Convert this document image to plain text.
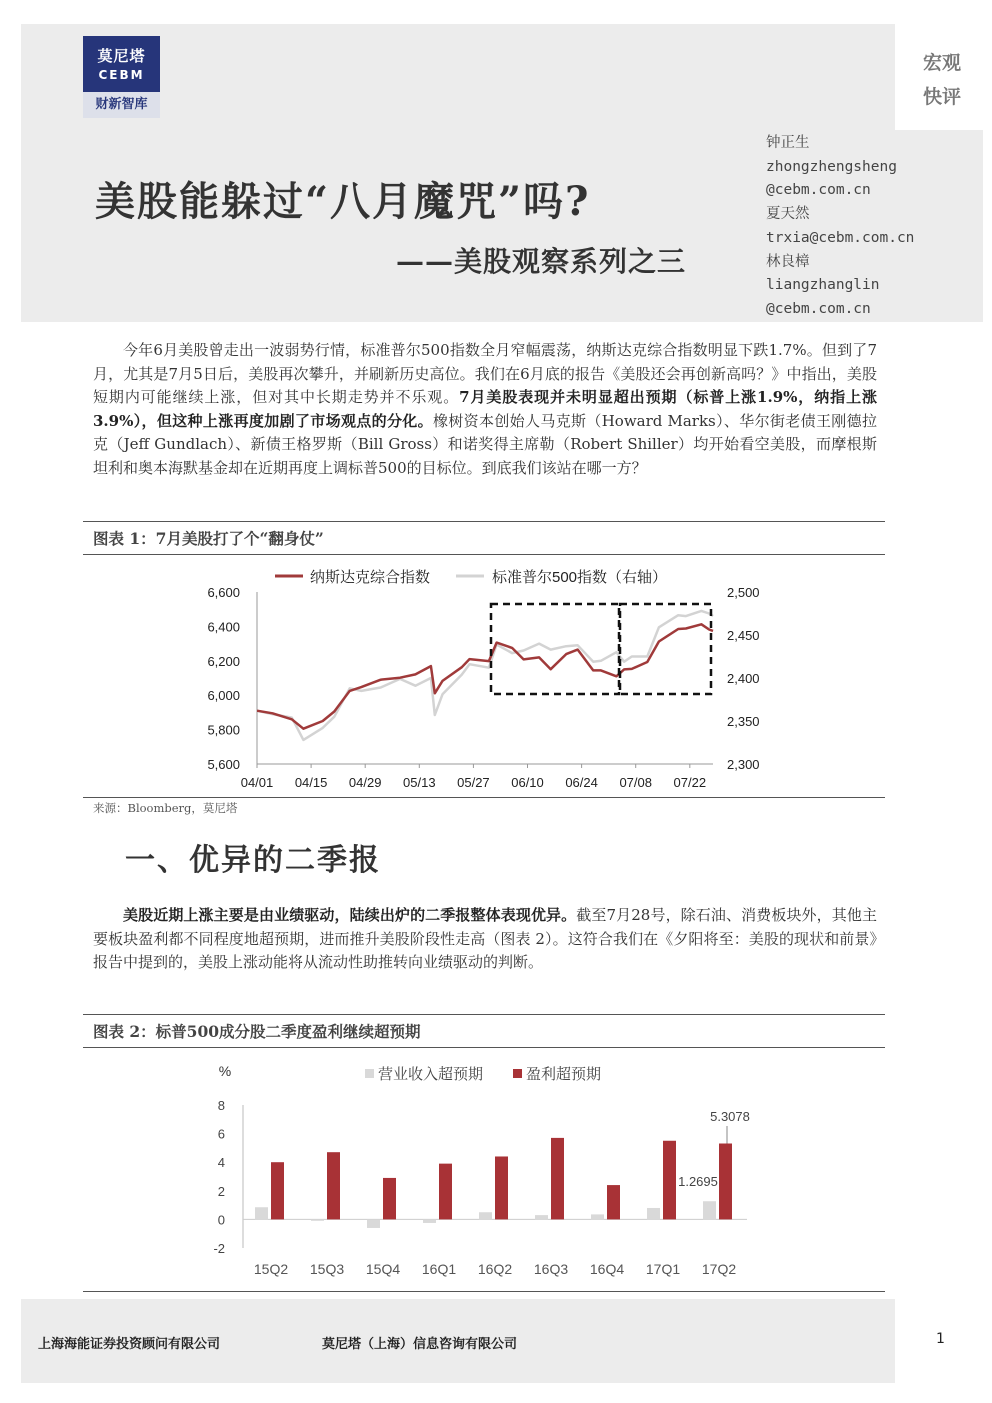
莫尼塔
CEBM
财新智库
宏观
快评
美股能躲过“八月魔咒”吗?
——美股观察系列之三
钟正生
zhongzhengsheng
@cebm.com.cn
夏天然
trxia@cebm.com.cn
林良樟
liangzhanglin
@cebm.com.cn
今年6月美股曾走出一波弱势行情，标准普尔500指数全月窄幅震荡，纳斯达克综合指数明显下跌1.7%。但到了7月，尤其是7月5日后，美股再次攀升，并刷新历史高位。我们在6月底的报告《美股还会再创新高吗？》中指出，美股短期内可能继续上涨，但对其中长期走势并不乐观。7月美股表现并未明显超出预期（标普上涨1.9%，纳指上涨3.9%），但这种上涨再度加剧了市场观点的分化。橡树资本创始人马克斯（Howard Marks）、华尔街老债王刚德拉克（Jeff Gundlach）、新债王格罗斯（Bill Gross）和诺奖得主席勒（Robert Shiller）均开始看空美股，而摩根斯坦利和奥本海默基金却在近期再度上调标普500的目标位。到底我们该站在哪一方？
图表 1：7月美股打了个“翻身仗”
纳斯达克综合指数	标准普尔500指数（右轴）
6,600
6,400
6,200
6,000
5,800
5,600
2,500
2,450
2,400
2,350
2,300
04/01 04/15 04/29 05/13 05/27 06/10 06/24 07/08 07/22
来源：Bloomberg，莫尼塔
一、优异的二季报
美股近期上涨主要是由业绩驱动，陆续出炉的二季报整体表现优异。截至7月28号，除石油、消费板块外，其他主要板块盈利都不同程度地超预期，进而推升美股阶段性走高（图表 2）。这符合我们在《夕阳将至：美股的现状和前景》报告中提到的，美股上涨动能将从流动性助推转向业绩驱动的判断。
图表 2：标普500成分股二季度盈利继续超预期
营业收入超预期	盈利超预期
%
-2
0
2
4
6
8
15Q2 15Q3 15Q4 16Q1 16Q2 16Q3 16Q4 17Q1 17Q2
5.3078
1.2695
上海海能证券投资顾问有限公司	莫尼塔（上海）信息咨询有限公司	1
